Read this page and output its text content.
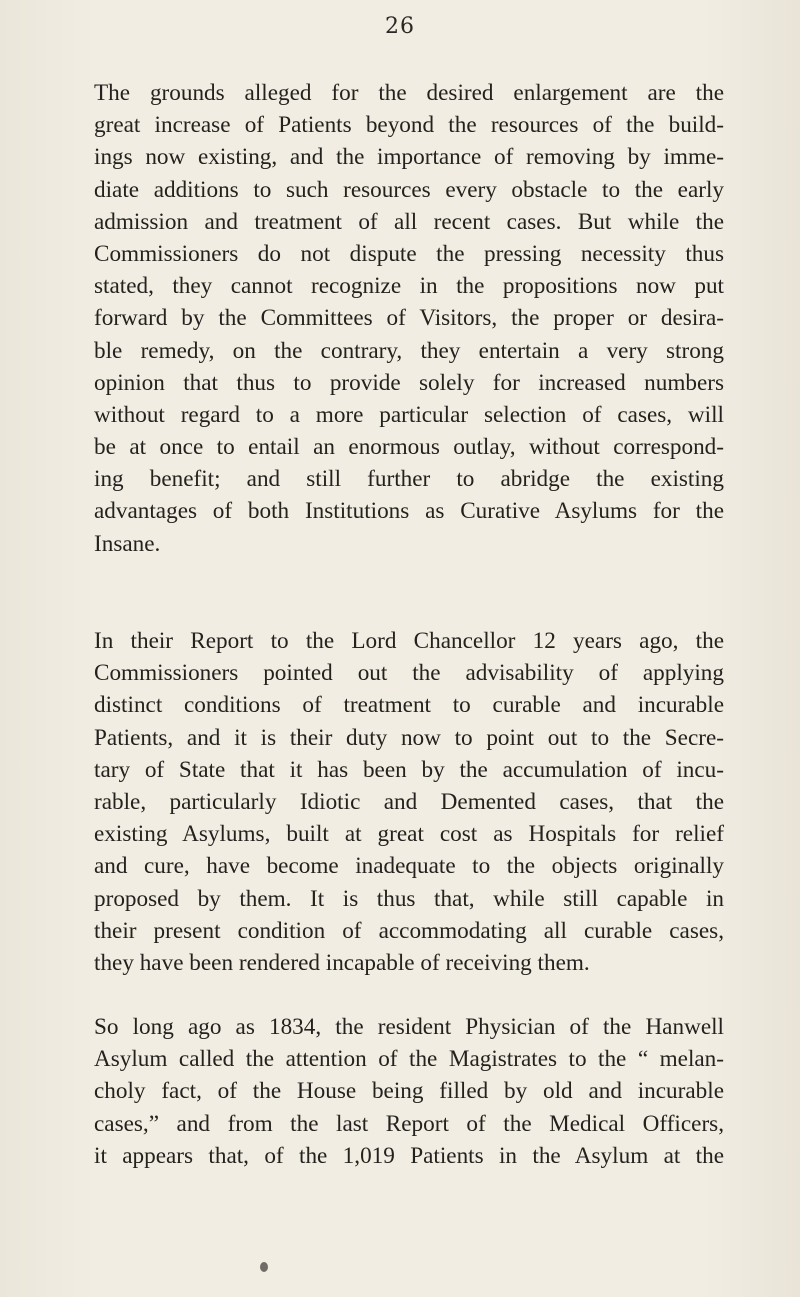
26
The grounds alleged for the desired enlargement are the
great increase of Patients beyond the resources of the build-
ings now existing, and the importance of removing by imme-
diate additions to such resources every obstacle to the early
admission and treatment of all recent cases. But while the
Commissioners do not dispute the pressing necessity thus
stated, they cannot recognize in the propositions now put
forward by the Committees of Visitors, the proper or desira-
ble remedy, on the contrary, they entertain a very strong
opinion that thus to provide solely for increased numbers
without regard to a more particular selection of cases, will
be at once to entail an enormous outlay, without correspond-
ing benefit; and still further to abridge the existing
advantages of both Institutions as Curative Asylums for the
Insane.
In their Report to the Lord Chancellor 12 years ago, the
Commissioners pointed out the advisability of applying
distinct conditions of treatment to curable and incurable
Patients, and it is their duty now to point out to the Secre-
tary of State that it has been by the accumulation of incu-
rable, particularly Idiotic and Demented cases, that the
existing Asylums, built at great cost as Hospitals for relief
and cure, have become inadequate to the objects originally
proposed by them. It is thus that, while still capable in
their present condition of accommodating all curable cases,
they have been rendered incapable of receiving them.
So long ago as 1834, the resident Physician of the Hanwell
Asylum called the attention of the Magistrates to the “ melan-
choly fact, of the House being filled by old and incurable
cases,” and from the last Report of the Medical Officers,
it appears that, of the 1,019 Patients in the Asylum at the
